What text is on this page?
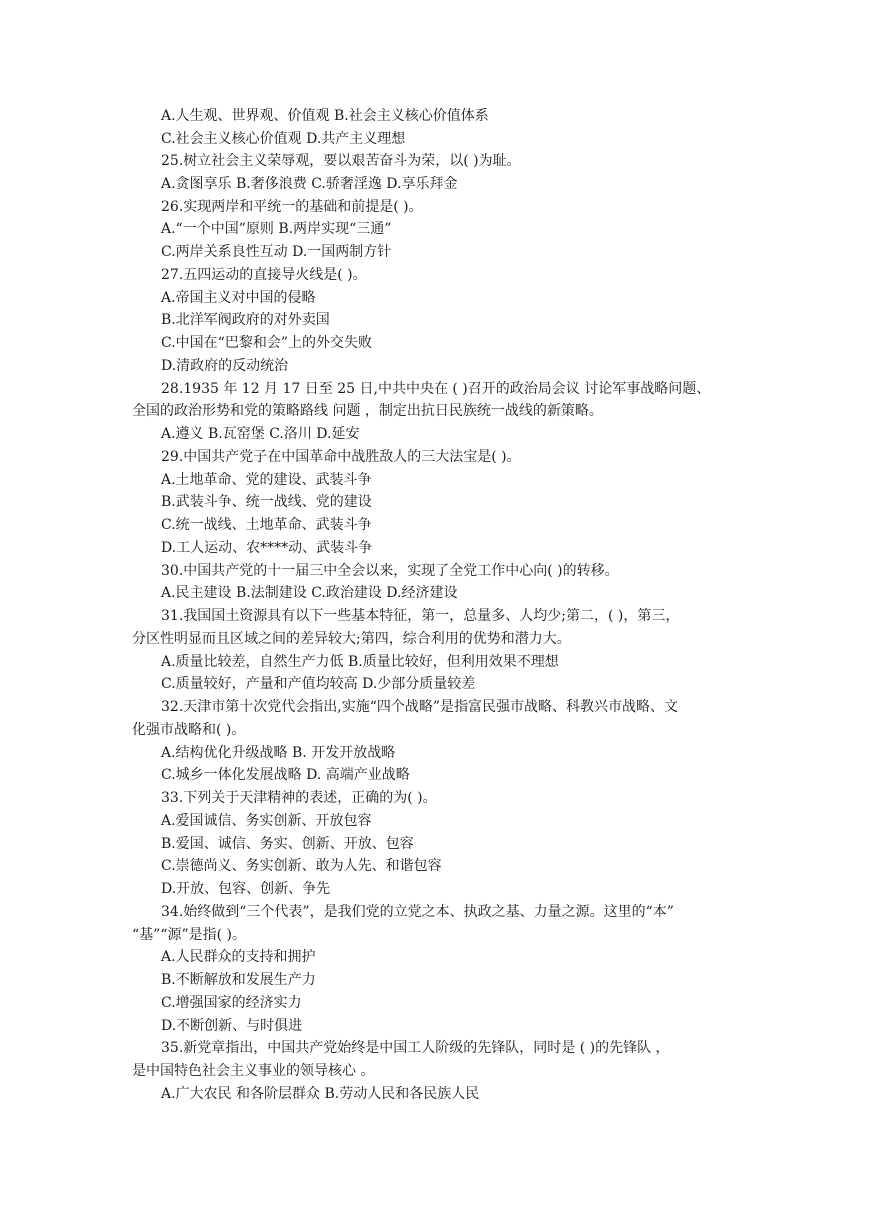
A.人生观、世界观、价值观 B.社会主义核心价值体系
C.社会主义核心价值观 D.共产主义理想
25.树立社会主义荣辱观，要以艰苦奋斗为荣，以( )为耻。
A.贪图享乐 B.奢侈浪费 C.骄奢淫逸 D.享乐拜金
26.实现两岸和平统一的基础和前提是( )。
A.“一个中国”原则 B.两岸实现“三通”
C.两岸关系良性互动 D.一国两制方针
27.五四运动的直接导火线是( )。
A.帝国主义对中国的侵略
B.北洋军阀政府的对外卖国
C.中国在“巴黎和会”上的外交失败
D.清政府的反动统治
28.1935 年 12 月 17 日至 25 日,中共中央在 ( )召开的政治局会议 讨论军事战略问题、
全国的政治形势和党的策略路线 问题 ，制定出抗日民族统一战线的新策略。
A.遵义 B.瓦窑堡 C.洛川 D.延安
29.中国共产党子在中国革命中战胜敌人的三大法宝是( )。
A.土地革命、党的建设、武装斗争
B.武装斗争、统一战线、党的建设
C.统一战线、土地革命、武装斗争
D.工人运动、农****动、武装斗争
30.中国共产党的十一届三中全会以来，实现了全党工作中心向( )的转移。
A.民主建设 B.法制建设 C.政治建设 D.经济建设
31.我国国土资源具有以下一些基本特征，第一，总量多、人均少;第二，( )，第三，
分区性明显而且区域之间的差异较大;第四，综合利用的优势和潜力大。
A.质量比较差，自然生产力低 B.质量比较好，但利用效果不理想
C.质量较好，产量和产值均较高 D.少部分质量较差
32.天津市第十次党代会指出,实施“四个战略”是指富民强市战略、科教兴市战略、文
化强市战略和( )。
A.结构优化升级战略 B. 开发开放战略
C.城乡一体化发展战略 D. 高端产业战略
33.下列关于天津精神的表述，正确的为( )。
A.爱国诚信、务实创新、开放包容
B.爱国、诚信、务实、创新、开放、包容
C.崇德尚义、务实创新、敢为人先、和谐包容
D.开放、包容、创新、争先
34.始终做到“三个代表”，是我们党的立党之本、执政之基、力量之源。这里的“本”
“基”“源”是指( )。
A.人民群众的支持和拥护
B.不断解放和发展生产力
C.增强国家的经济实力
D.不断创新、与时俱进
35.新党章指出，中国共产党始终是中国工人阶级的先锋队，同时是 ( )的先锋队 ，
是中国特色社会主义事业的领导核心 。
A.广大农民 和各阶层群众 B.劳动人民和各民族人民
